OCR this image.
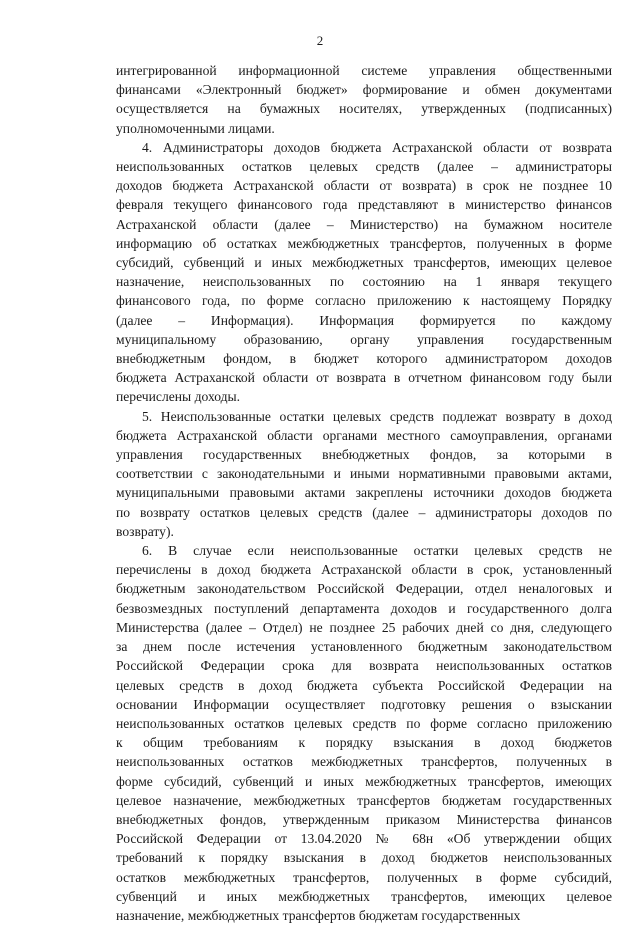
2

интегрированной информационной системе управления общественными
финансами «Электронный бюджет» формирование и обмен документами
осуществляется на бумажных носителях, утвержденных (подписанных)
уполномоченными лицами.

4. Администраторы доходов бюджета Астраханской области от возврата
неиспользованных остатков целевых средств (далее – администраторы
доходов бюджета Астраханской области от возврата) в срок не позднее 10
февраля текущего финансового года представляют в министерство финансов
Астраханской области (далее – Министерство) на бумажном носителе
информацию об остатках межбюджетных трансфертов, полученных в форме
субсидий, субвенций и иных межбюджетных трансфертов, имеющих целевое
назначение, неиспользованных по состоянию на 1 января текущего
финансового года, по форме согласно приложению к настоящему Порядку
(далее – Информация). Информация формируется по каждому
муниципальному образованию, органу управления государственным
внебюджетным фондом, в бюджет которого администратором доходов
бюджета Астраханской области от возврата в отчетном финансовом году были
перечислены доходы.

5. Неиспользованные остатки целевых средств подлежат возврату в доход
бюджета Астраханской области органами местного самоуправления, органами
управления государственных внебюджетных фондов, за которыми в
соответствии с законодательными и иными нормативными правовыми актами,
муниципальными правовыми актами закреплены источники доходов бюджета
по возврату остатков целевых средств (далее – администраторы доходов по
возврату).

6. В случае если неиспользованные остатки целевых средств не
перечислены в доход бюджета Астраханской области в срок, установленный
бюджетным законодательством Российской Федерации, отдел неналоговых и
безвозмездных поступлений департамента доходов и государственного долга
Министерства (далее – Отдел) не позднее 25 рабочих дней со дня, следующего
за днем после истечения установленного бюджетным законодательством
Российской Федерации срока для возврата неиспользованных остатков
целевых средств в доход бюджета субъекта Российской Федерации на
основании Информации осуществляет подготовку решения о взыскании
неиспользованных остатков целевых средств по форме согласно приложению
к общим требованиям к порядку взыскания в доход бюджетов
неиспользованных остатков межбюджетных трансфертов, полученных в
форме субсидий, субвенций и иных межбюджетных трансфертов, имеющих
целевое назначение, межбюджетных трансфертов бюджетам государственных
внебюджетных фондов, утвержденным приказом Министерства финансов
Российской Федерации от 13.04.2020 № 68н «Об утверждении общих
требований к порядку взыскания в доход бюджетов неиспользованных
остатков межбюджетных трансфертов, полученных в форме субсидий,
субвенций и иных межбюджетных трансфертов, имеющих целевое
назначение, межбюджетных трансфертов бюджетам государственных
